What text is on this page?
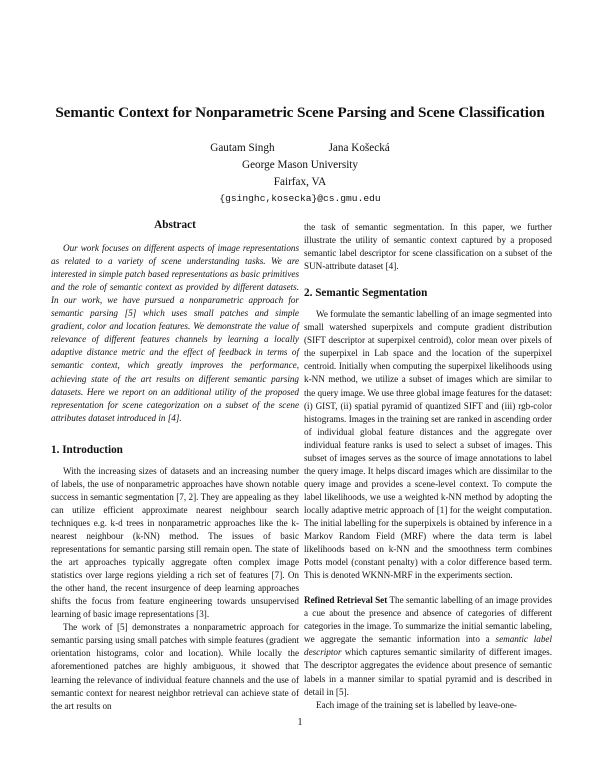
Semantic Context for Nonparametric Scene Parsing and Scene Classification
Gautam Singh	Jana Košecká
George Mason University
Fairfax, VA
{gsinghc,kosecka}@cs.gmu.edu
Abstract

Our work focuses on different aspects of image representations as related to a variety of scene understanding tasks. We are interested in simple patch based representations as basic primitives and the role of semantic context as provided by different datasets. In our work, we have pursued a nonparametric approach for semantic parsing [5] which uses small patches and simple gradient, color and location features. We demonstrate the value of relevance of different features channels by learning a locally adaptive distance metric and the effect of feedback in terms of semantic context, which greatly improves the performance, achieving state of the art results on different semantic parsing datasets. Here we report on an additional utility of the proposed representation for scene categorization on a subset of the scene attributes dataset introduced in [4].

1. Introduction

With the increasing sizes of datasets and an increasing number of labels, the use of nonparametric approaches have shown notable success in semantic segmentation [7, 2]. They are appealing as they can utilize efficient approximate nearest neighbour search techniques e.g. k-d trees in nonparametric approaches like the k-nearest neighbour (k-NN) method. The issues of basic representations for semantic parsing still remain open. The state of the art approaches typically aggregate often complex image statistics over large regions yielding a rich set of features [7]. On the other hand, the recent insurgence of deep learning approaches shifts the focus from feature engineering towards unsupervised learning of basic image representations [3].

The work of [5] demonstrates a nonparametric approach for semantic parsing using small patches with simple features (gradient orientation histograms, color and location). While locally the aforementioned patches are highly ambiguous, it showed that learning the relevance of individual feature channels and the use of semantic context for nearest neighbor retrieval can achieve state of the art results on

the task of semantic segmentation. In this paper, we further illustrate the utility of semantic context captured by a proposed semantic label descriptor for scene classification on a subset of the SUN-attribute dataset [4].

2. Semantic Segmentation

We formulate the semantic labelling of an image segmented into small watershed superpixels and compute gradient distribution (SIFT descriptor at superpixel centroid), color mean over pixels of the superpixel in Lab space and the location of the superpixel centroid. Initially when computing the superpixel likelihoods using k-NN method, we utilize a subset of images which are similar to the query image. We use three global image features for the dataset: (i) GIST, (ii) spatial pyramid of quantized SIFT and (iii) rgb-color histograms. Images in the training set are ranked in ascending order of individual global feature distances and the aggregate over individual feature ranks is used to select a subset of images. This subset of images serves as the source of image annotations to label the query image. It helps discard images which are dissimilar to the query image and provides a scene-level context. To compute the label likelihoods, we use a weighted k-NN method by adopting the locally adaptive metric approach of [1] for the weight computation. The initial labelling for the superpixels is obtained by inference in a Markov Random Field (MRF) where the data term is label likelihoods based on k-NN and the smoothness term combines Potts model (constant penalty) with a color difference based term. This is denoted WKNN-MRF in the experiments section.

Refined Retrieval Set The semantic labelling of an image provides a cue about the presence and absence of categories of different categories in the image. To summarize the initial semantic labeling, we aggregate the semantic information into a semantic label descriptor which captures semantic similarity of different images. The descriptor aggregates the evidence about presence of semantic labels in a manner similar to spatial pyramid and is described in detail in [5].

Each image of the training set is labelled by leave-one-

1
